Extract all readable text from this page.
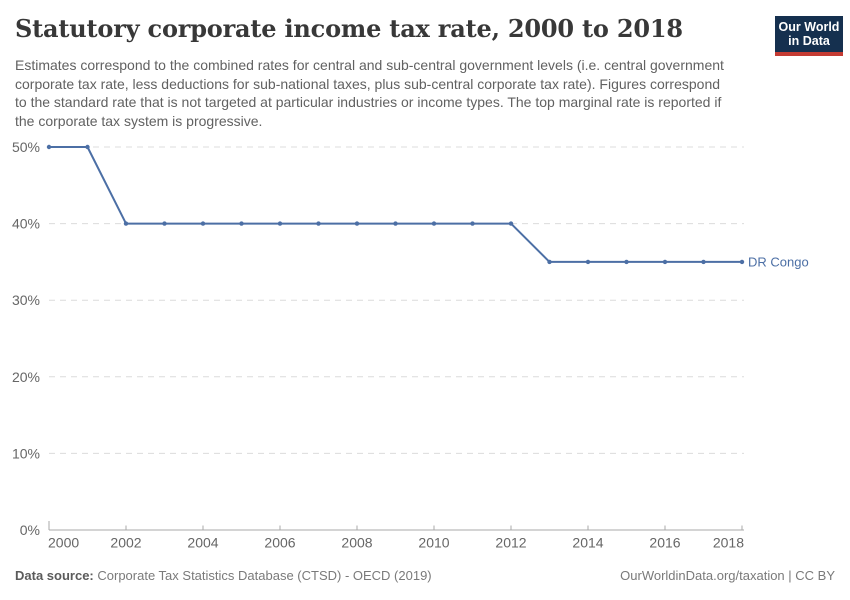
Statutory corporate income tax rate, 2000 to 2018

Estimates correspond to the combined rates for central and sub-central government levels (i.e. central government corporate tax rate, less deductions for sub-national taxes, plus sub-central corporate tax rate). Figures correspond to the standard rate that is not targeted at particular industries or income types. The top marginal rate is reported if the corporate tax system is progressive.

Our World
in Data
0%
10%
20%
30%
40%
50%
2000 2002	2004	2006	2008	2010	2012	2014	2016 2018
DR Congo
Data source: Corporate Tax Statistics Database (CTSD) - OECD (2019)	OurWorldinData.org/taxation | CC BY
